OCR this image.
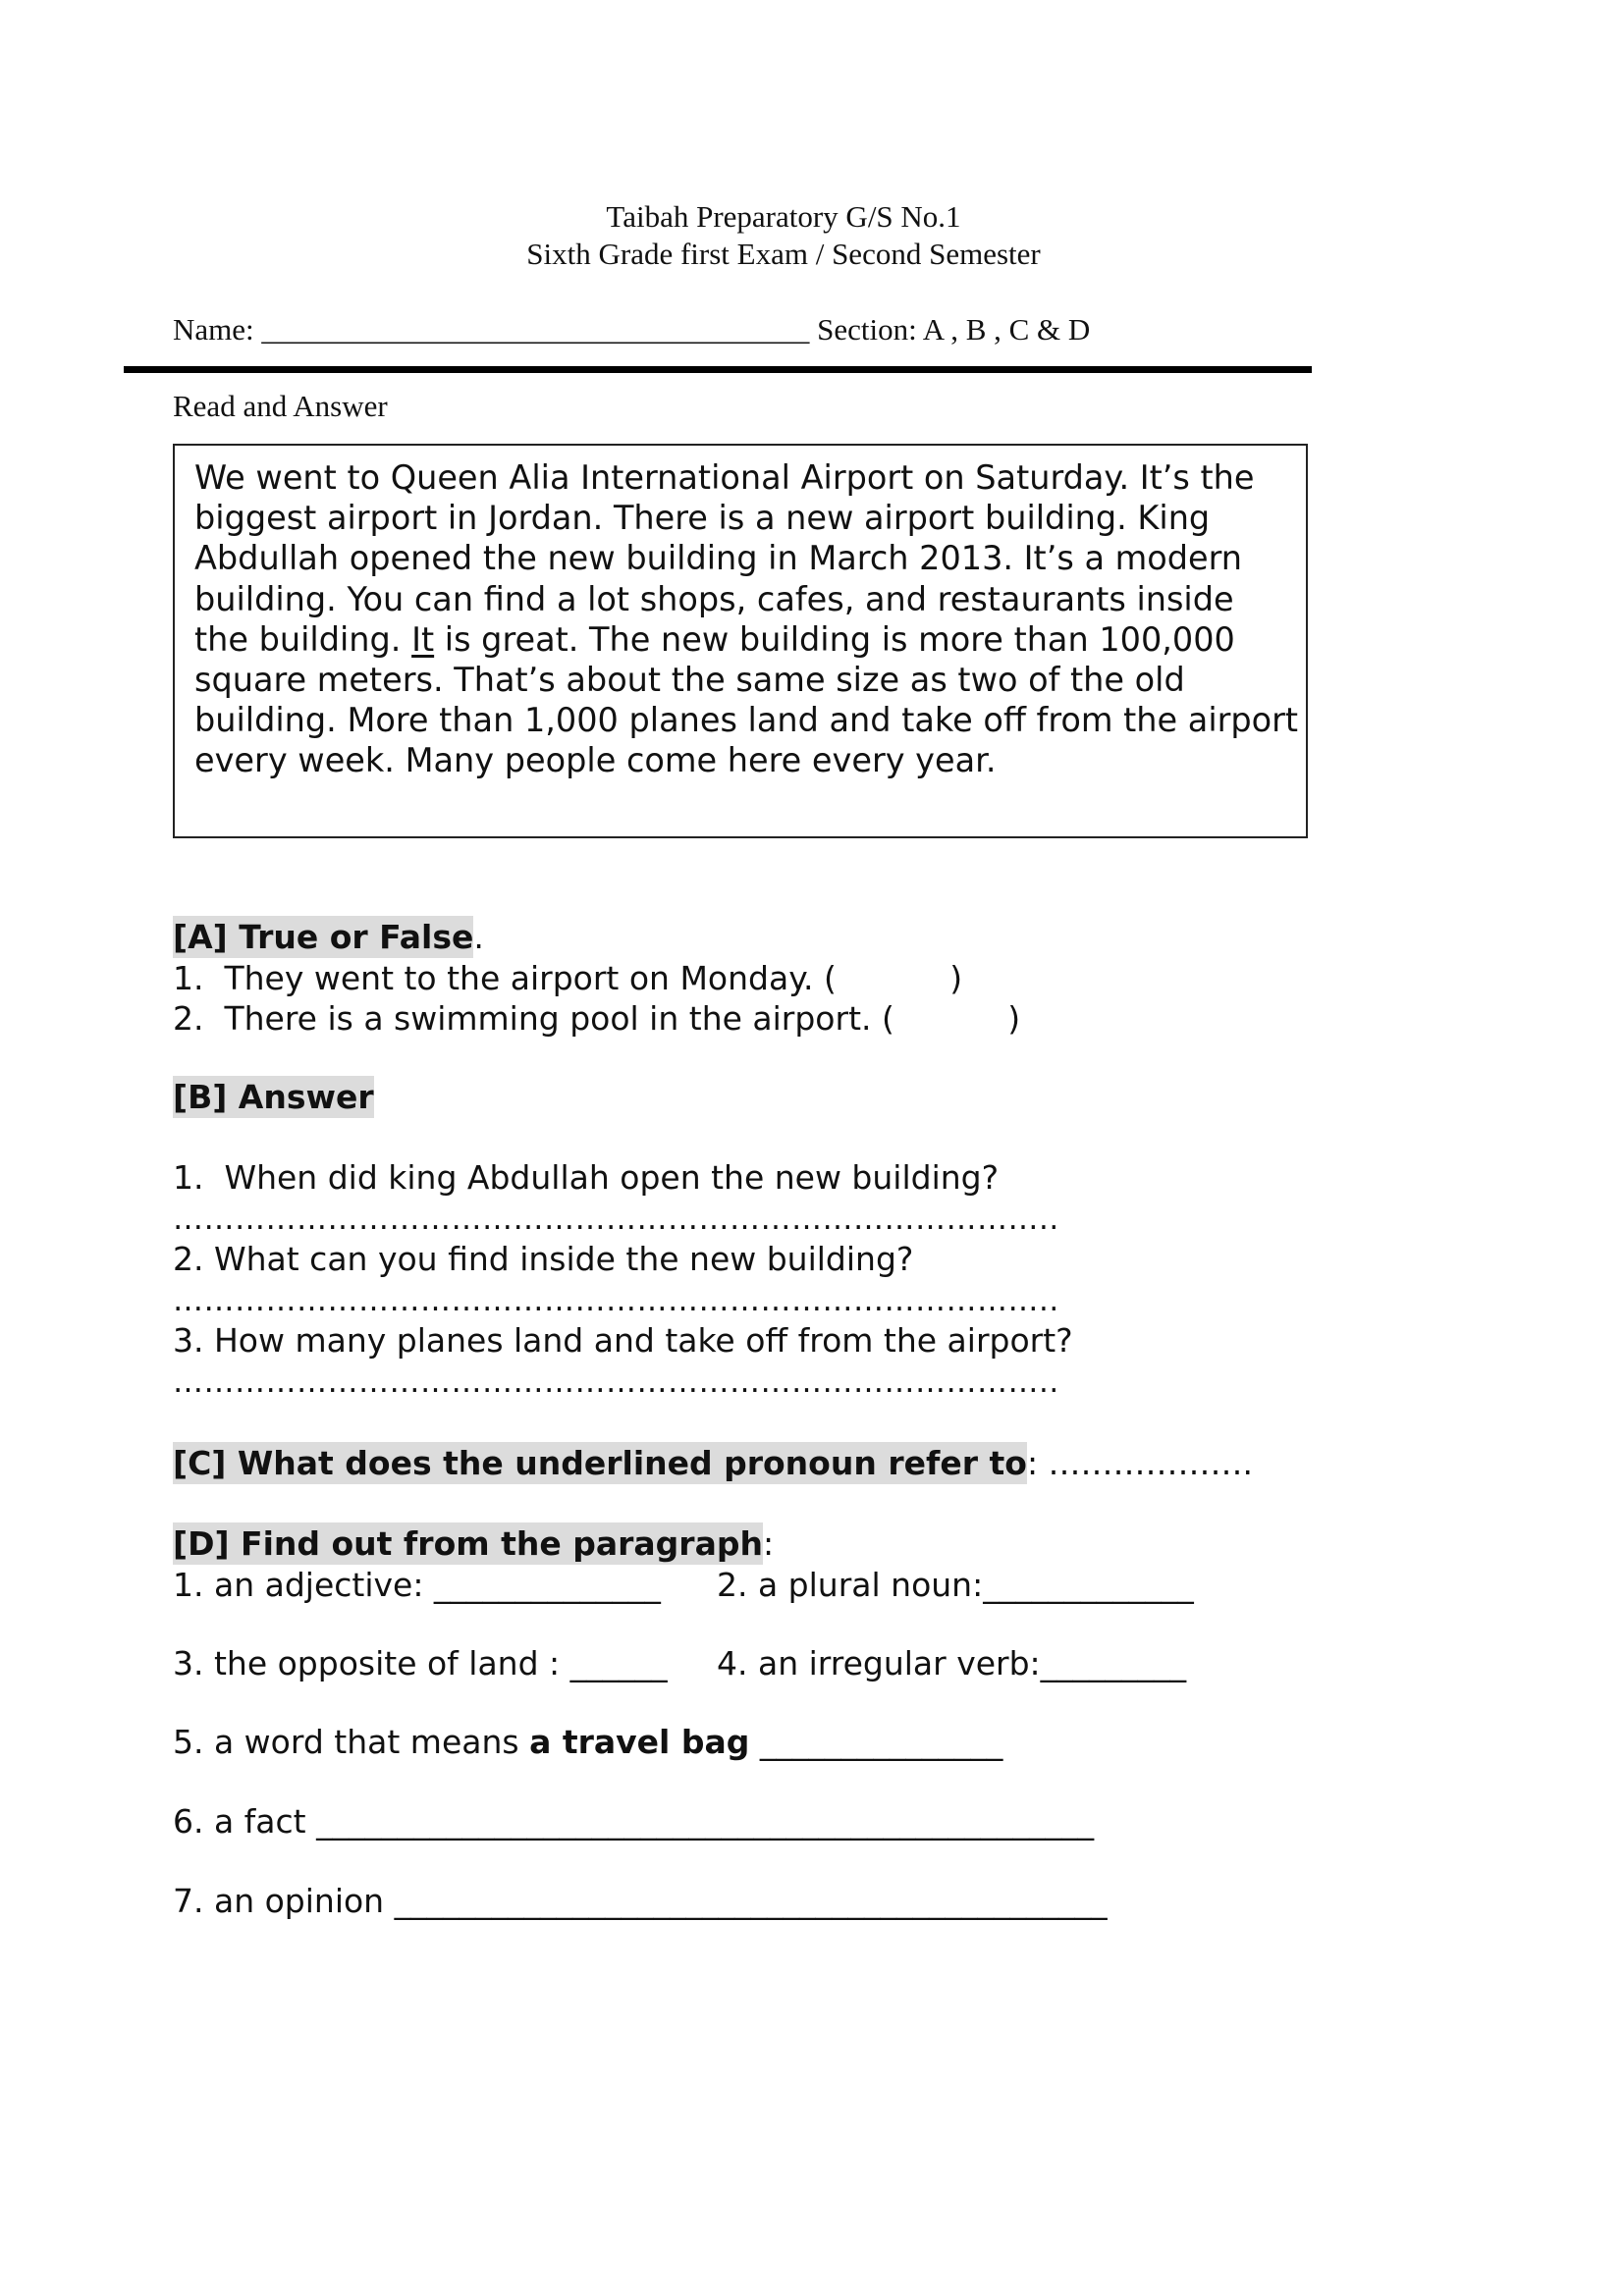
Taibah Preparatory G/S No.1
Sixth Grade first Exam / Second Semester
Name: ____________________________________ Section: A , B , C & D
Read and Answer
We went to Queen Alia International Airport on Saturday. It’s the
biggest airport in Jordan. There is a new airport building. King
Abdullah opened the new building in March 2013. It’s a modern
building. You can find a lot shops, cafes, and restaurants inside
the building. It is great. The new building is more than 100,000
square meters. That’s about the same size as two of the old
building. More than 1,000 planes land and take off from the airport
every week. Many people come here every year.
[A] True or False.
1.  They went to the airport on Monday. (           )
2.  There is a swimming pool in the airport. (           )
[B] Answer
1.  When did king Abdullah open the new building?
…………………………………………………………………………..
2. What can you find inside the new building?
…………………………………………………………………………..
3. How many planes land and take off from the airport?
…………………………………………………………………………..
[C] What does the underlined pronoun refer to: ……………….
[D] Find out from the paragraph:
1. an adjective: ______________ 2. a plural noun:_____________
3. the opposite of land : ______ 4. an irregular verb:_________
5. a word that means a travel bag _______________
6. a fact ________________________________________________
7. an opinion ____________________________________________
